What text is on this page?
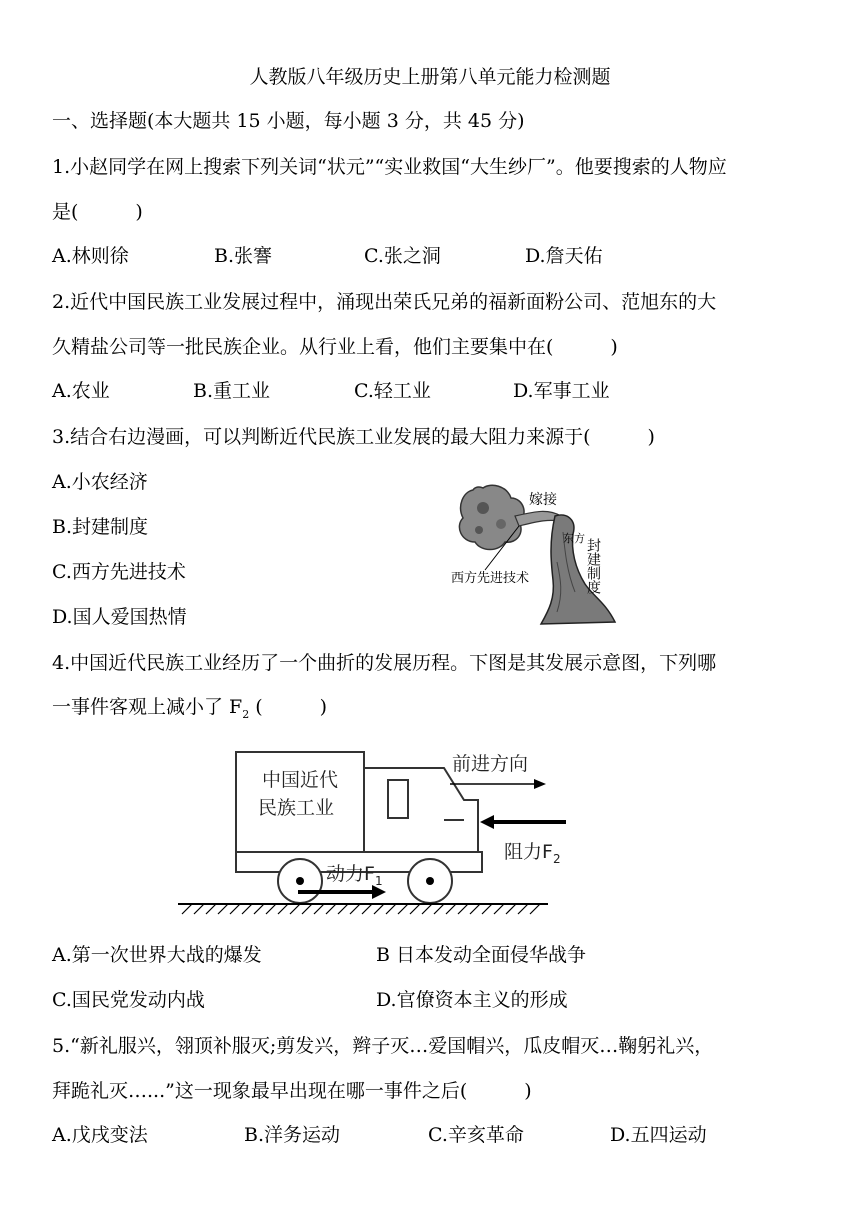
人教版八年级历史上册第八单元能力检测题
一、选择题(本大题共 15 小题，每小题 3 分，共 45 分)
1.小赵同学在网上搜索下列关词“状元”“实业救国“大生纱厂”。他要搜索的人物应
是(　　　)
A.林则徐	B.张謇	C.张之洞	D.詹天佑
2.近代中国民族工业发展过程中，涌现出荣氏兄弟的福新面粉公司、范旭东的大
久精盐公司等一批民族企业。从行业上看，他们主要集中在(　　　)
A.农业	B.重工业	C.轻工业	D.军事工业
3.结合右边漫画，可以判断近代民族工业发展的最大阻力来源于(　　　)
A.小农经济
B.封建制度
C.西方先进技术
D.国人爱国热情
嫁接
西方先进技术
东方 封建制度
4.中国近代民族工业经历了一个曲折的发展历程。下图是其发展示意图，下列哪
一事件客观上减小了 $F_2$ (　　　)
中国近代
民族工业
前进方向
阻力$F_2$
动力$F_1$
A.第一次世界大战的爆发	B 日本发动全面侵华战争
C.国民党发动内战	D.官僚资本主义的形成
5.“新礼服兴，翎顶补服灭;剪发兴，辫子灭…爱国帽兴，瓜皮帽灭…鞠躬礼兴，
拜跪礼灭…...”这一现象最早出现在哪一事件之后(　　　)
A.戊戌变法	B.洋务运动	C.辛亥革命	D.五四运动
